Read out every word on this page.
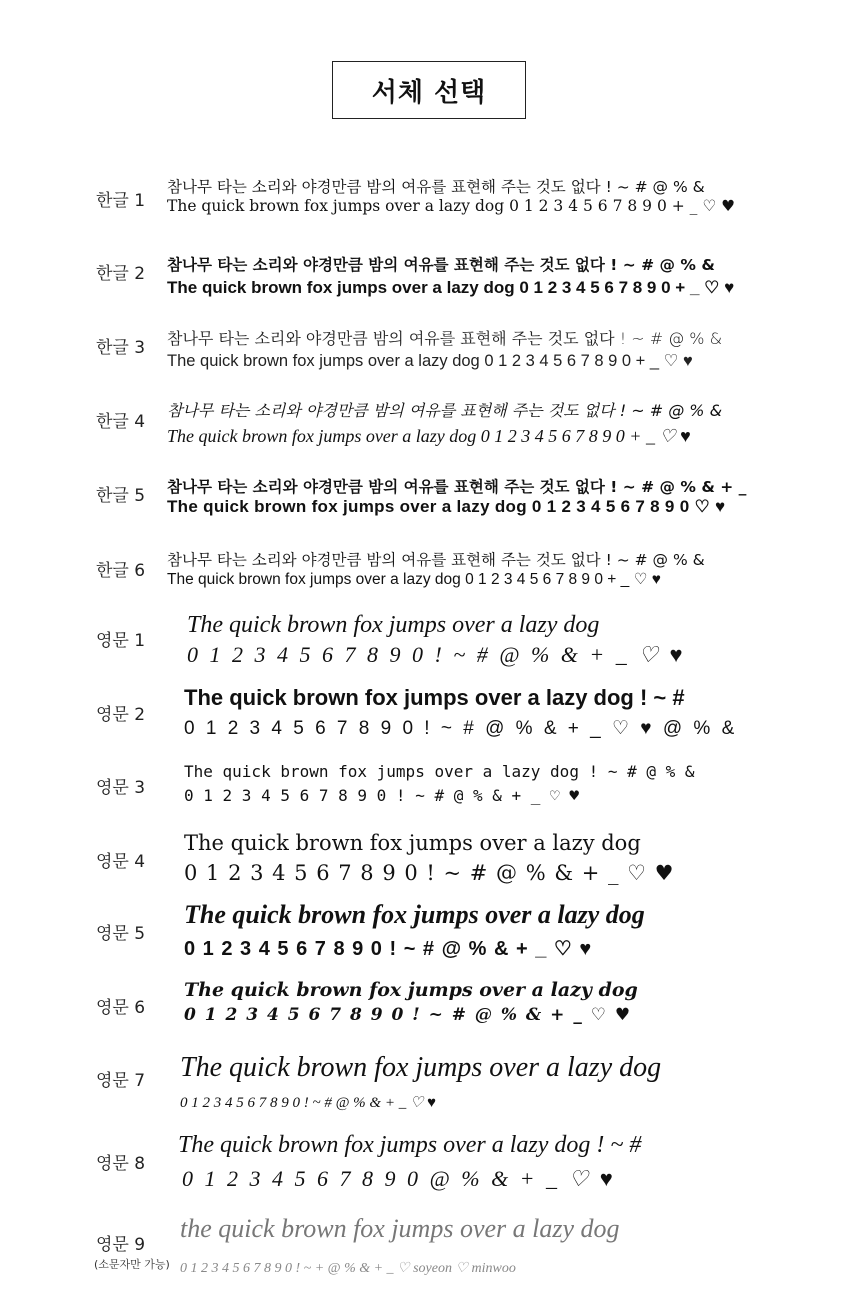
서체 선택
한글 1
참나무 타는 소리와 야경만큼 밤의 여유를 표현해 주는 것도 없다 ! ~ # @ % &
The quick brown fox jumps over a lazy dog 0 1 2 3 4 5 6 7 8 9 0 + _ ♡ ♥
한글 2 참나무 타는 소리와 야경만큼 밤의 여유를 표현해 주는 것도 없다 ! ~ # @ % &
The quick brown fox jumps over a lazy dog 0 1 2 3 4 5 6 7 8 9 0 + _ ♡ ♥
한글 3 참나무 타는 소리와 야경만큼 밤의 여유를 표현해 주는 것도 없다 ! ~ # @ % &
The quick brown fox jumps over a lazy dog 0 1 2 3 4 5 6 7 8 9 0 + _ ♡ ♥
한글 4
참나무 타는 소리와 야경만큼 밤의 여유를 표현해 주는 것도 없다 ! ~ # @ % &
The quick brown fox jumps over a lazy dog 0 1 2 3 4 5 6 7 8 9 0 + _ ♡ ♥
한글 5 참나무 타는 소리와 야경만큼 밤의 여유를 표현해 주는 것도 없다 ! ~ # @ % & + _
The quick brown fox jumps over a lazy dog 0 1 2 3 4 5 6 7 8 9 0 ♡ ♥
한글 6
참나무 타는 소리와 야경만큼 밤의 여유를 표현해 주는 것도 없다 ! ~ # @ % &
The quick brown fox jumps over a lazy dog 0 1 2 3 4 5 6 7 8 9 0 + _ ♡ ♥
영문 1
The quick brown fox jumps over a lazy dog
0 1 2 3 4 5 6 7 8 9 0 ! ~ # @ % & + _ ♡ ♥
영문 2
The quick brown fox jumps over a lazy dog ! ~ #
0 1 2 3 4 5 6 7 8 9 0 ! ~ # @ % & + _ ♡ ♥ @ % &
영문 3
The quick brown fox jumps over a lazy dog ! ~ # @ % &
0 1 2 3 4 5 6 7 8 9 0 ! ~ # @ % & + _ ♡ ♥
영문 4
The quick brown fox jumps over a lazy dog
0 1 2 3 4 5 6 7 8 9 0 ! ~ # @ % & + _ ♡ ♥
영문 5
The quick brown fox jumps over a lazy dog
0 1 2 3 4 5 6 7 8 9 0 ! ~ # @ % & + _ ♡ ♥
영문 6
The quick brown fox jumps over a lazy dog
0 1 2 3 4 5 6 7 8 9 0 ! ~ # @ % & + _ ♡ ♥
영문 7 The quick brown fox jumps over a lazy dog
0 1 2 3 4 5 6 7 8 9 0 ! ~ # @ % & + _ ♡ ♥
영문 8
The quick brown fox jumps over a lazy dog ! ~ #
0 1 2 3 4 5 6 7 8 9 0 @ % & + _ ♡ ♥
영문 9
(소문자만 가능)
the quick brown fox jumps over a lazy dog
0 1 2 3 4 5 6 7 8 9 0 ! ~ + @ % & + _ ♡ soyeon ♡ minwoo
